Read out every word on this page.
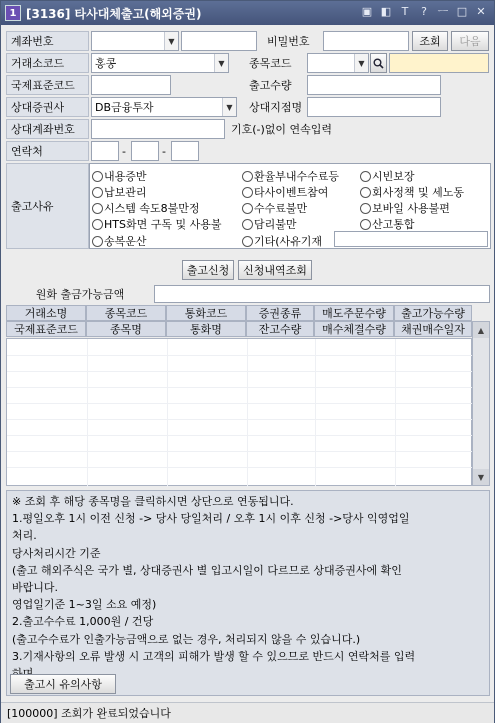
1 [3136] 타사대체출고(해외증권)	▣ ◧ T	? ㅡ □ ✕
계좌번호	▼	비밀번호	조회	다음
거래소코드	홍콩	▼	종목코드	▼
국제표준코드	출고수량
상대증권사	DB금융투자	▼	상대지점명
상대계좌번호	기호(-)없이 연속입력
연락처	-	-
출고사유
내용증반	환율부내수수료등	시빈보장
납보관리	타사이벤트참여	회사정책 및 세노동
시스템 속도8불만정	수수료불만	보바일 사용불편
HTS화면 구독 및 사용불	담리불만	산고통합
송복운산	기타(사유기재
출고신청	신청내역조회
원화 출금가능금액
거래소명	종목코드	통화코드	증권종류	매도주문수량	출고가능수량
국제표준코드	종목명	통화명	잔고수량	매수체결수량	채권매수일자	▲
▼
※ 조회 후 해당 종목명을 클릭하시면 상단으로 연동됩니다.
1.평일오후 1시 이전 신청 -> 당사 당일처리 / 오후 1시 이후 신청 ->당사 익영업일
처리.
당사처리시간 기준
(출고 해외주식은 국가 별, 상대증권사 별 입고시일이 다르므로 상대증권사에 확인
바랍니다.
영업일기준 1~3일 소요 예정)
2.출고수수료 1,000원 / 건당
(출고수수료가 인출가능금액으로 없는 경우, 처리되지 않을 수 있습니다.)
3.기재사항의 오류 발생 시 고객의 피해가 발생 할 수 있으므로 반드시 연락처를 입력
출고시 유의사항
[100000] 조회가 완료되었습니다
